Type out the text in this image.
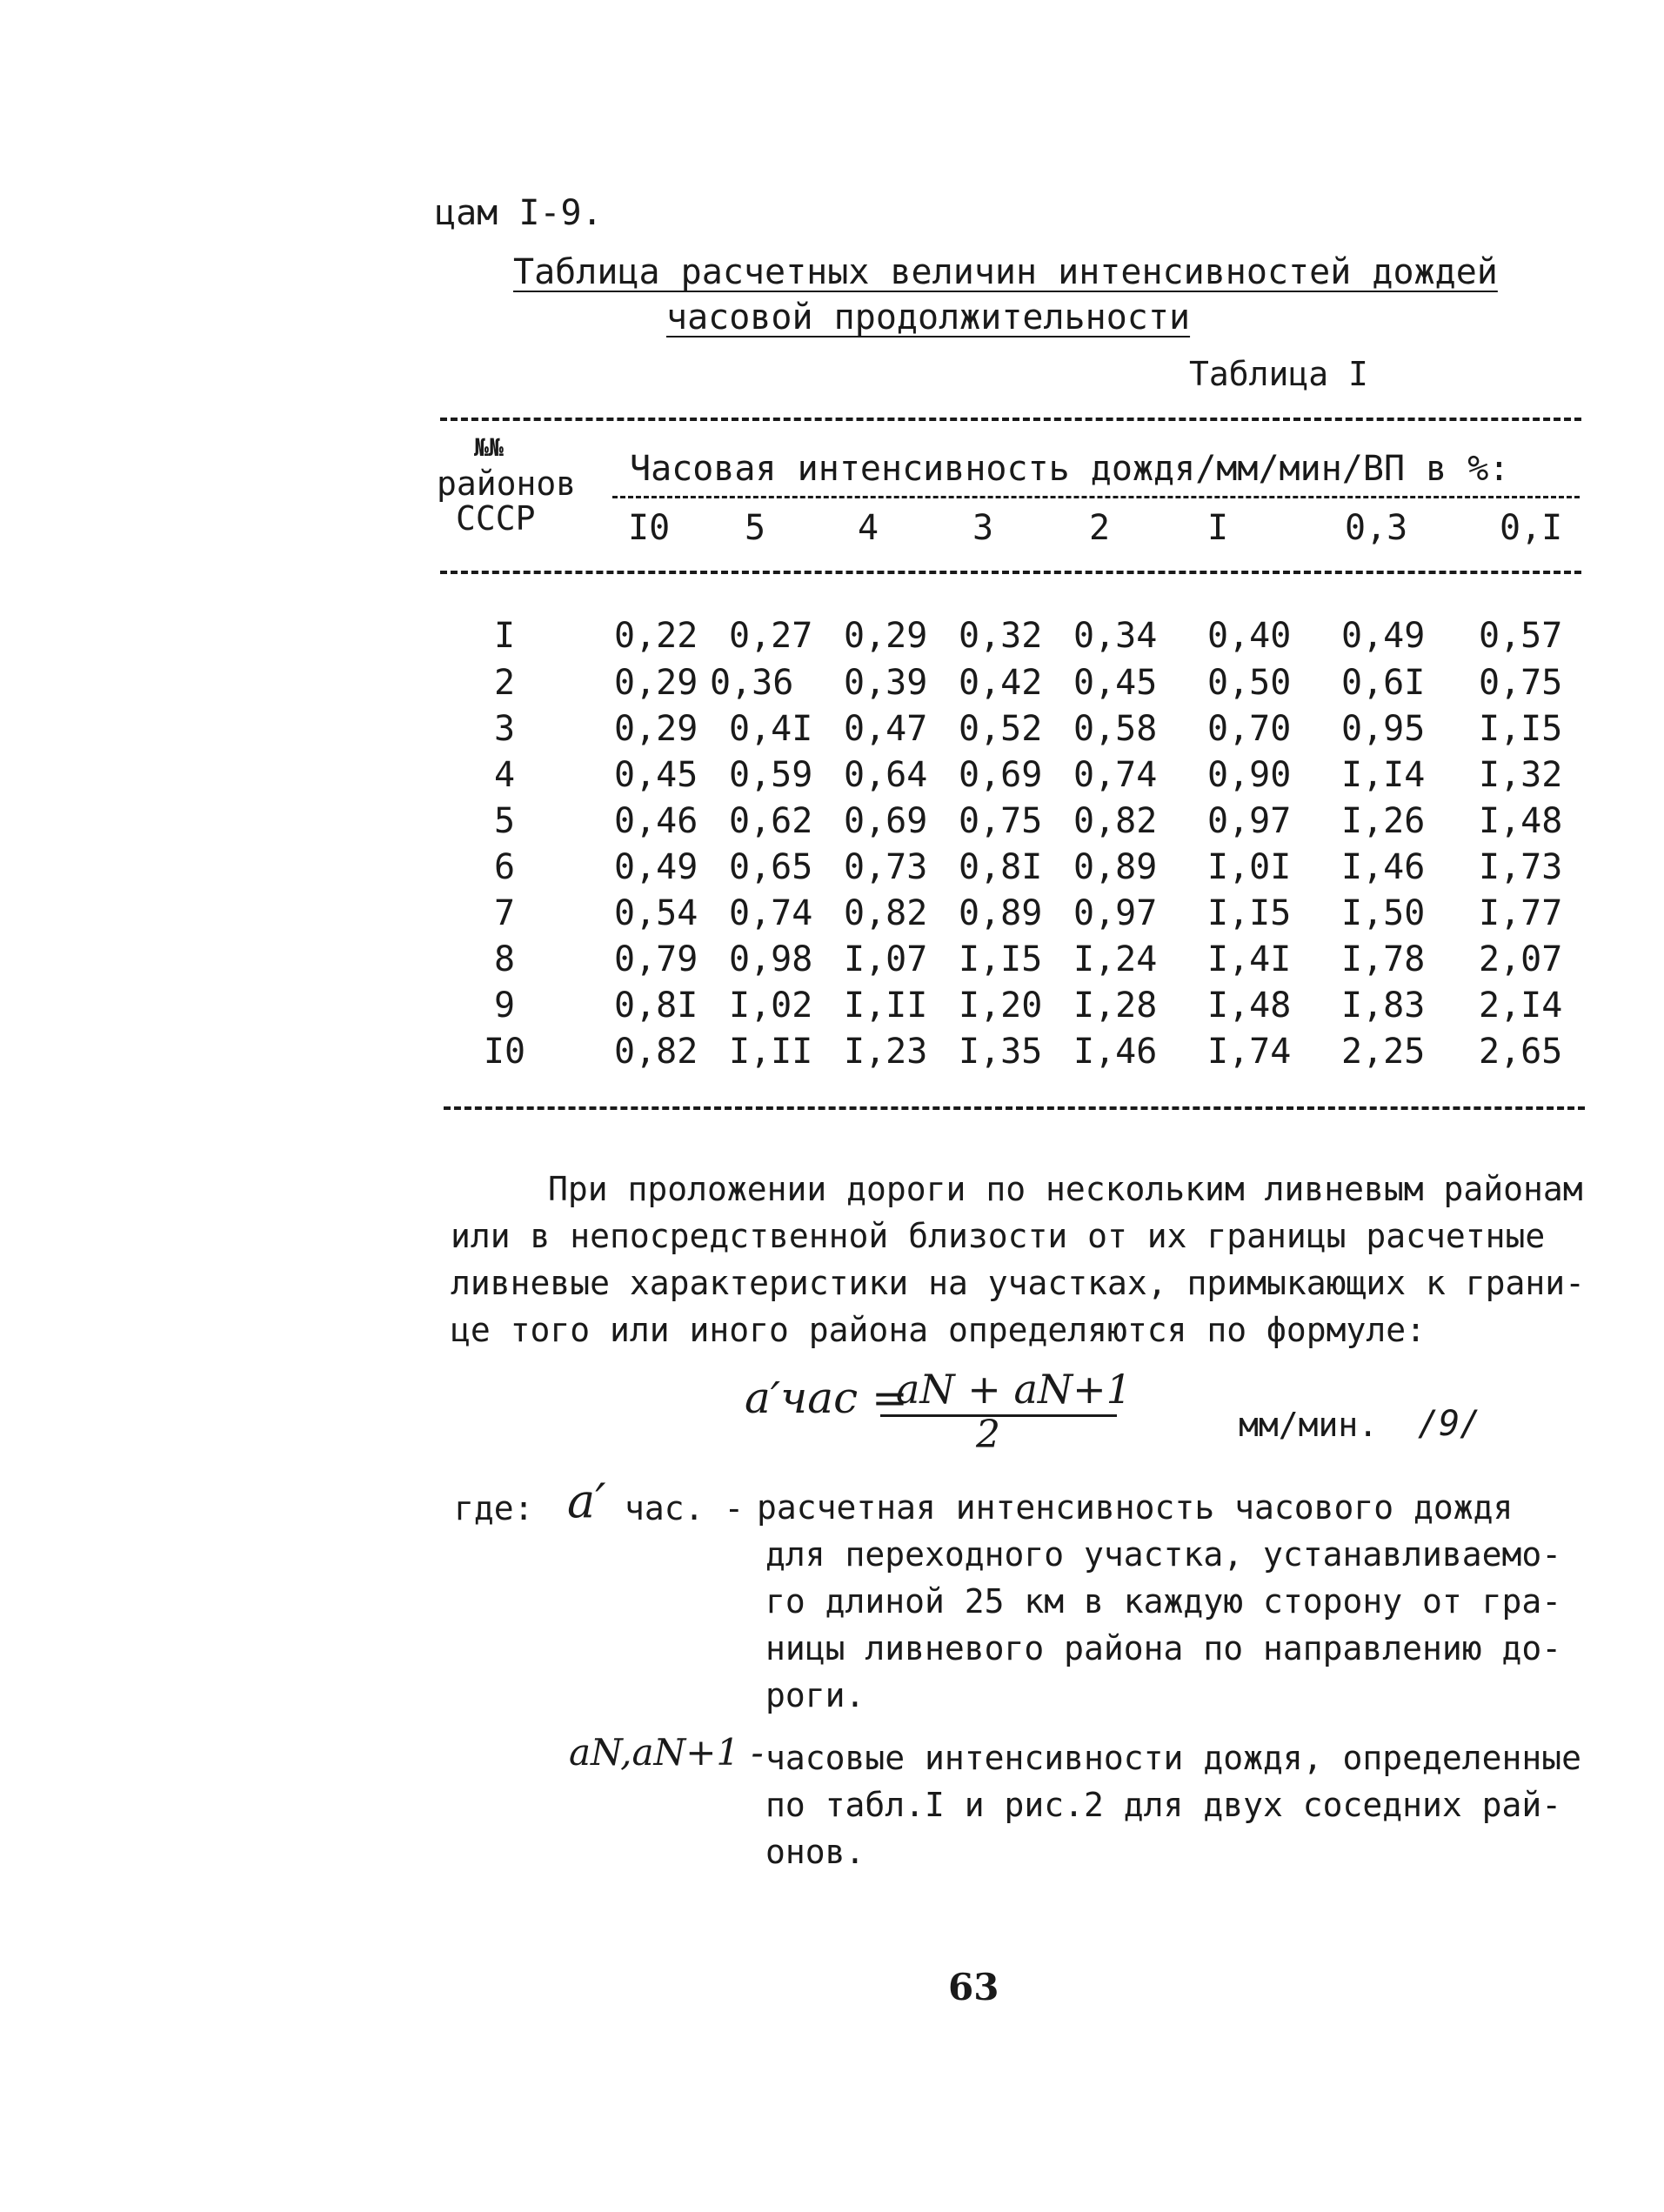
цам I-9.
Таблица расчетных величин интенсивностей дождей
часовой продолжительности
Таблица I
№№
районов
СССР
Часовая интенсивность дождя/мм/мин/ВП в %:
I0 5	4	3	2	I	0,3	0,I
I	0,22 0,27 0,29 0,32 0,34 0,40 0,49 0,57
2	0,29 0,36 0,39 0,42 0,45 0,50 0,6I 0,75
3	0,29 0,4I 0,47 0,52 0,58 0,70 0,95 I,I5
4	0,45 0,59 0,64 0,69 0,74 0,90 I,I4 I,32
5	0,46 0,62 0,69 0,75 0,82 0,97 I,26 I,48
6	0,49 0,65 0,73 0,8I 0,89 I,0I I,46 I,73
7	0,54 0,74 0,82 0,89 0,97 I,I5 I,50 I,77
8	0,79 0,98 I,07 I,I5 I,24 I,4I I,78 2,07
9	0,8I I,02 I,II I,20 I,28 I,48 I,83 2,I4
I0	0,82 I,II I,23 I,35 I,46 I,74 2,25 2,65
При проложении дороги по нескольким ливневым районам
или в непосредственной близости от их границы расчетные
ливневые характеристики на участках, примыкающих к грани-
це того или иного района определяются по формуле:
a′час =
aN + aN+1
2	мм/мин. /9/
где: a′ час. - расчетная интенсивность часового дождя
для переходного участка, устанавливаемо-
го длиной 25 км в каждую сторону от гра-
ницы ливневого района по направлению до-
роги.
aN,aN+1 - часовые интенсивности дождя, определенные
по табл.I и рис.2 для двух соседних рай-
онов.
63
